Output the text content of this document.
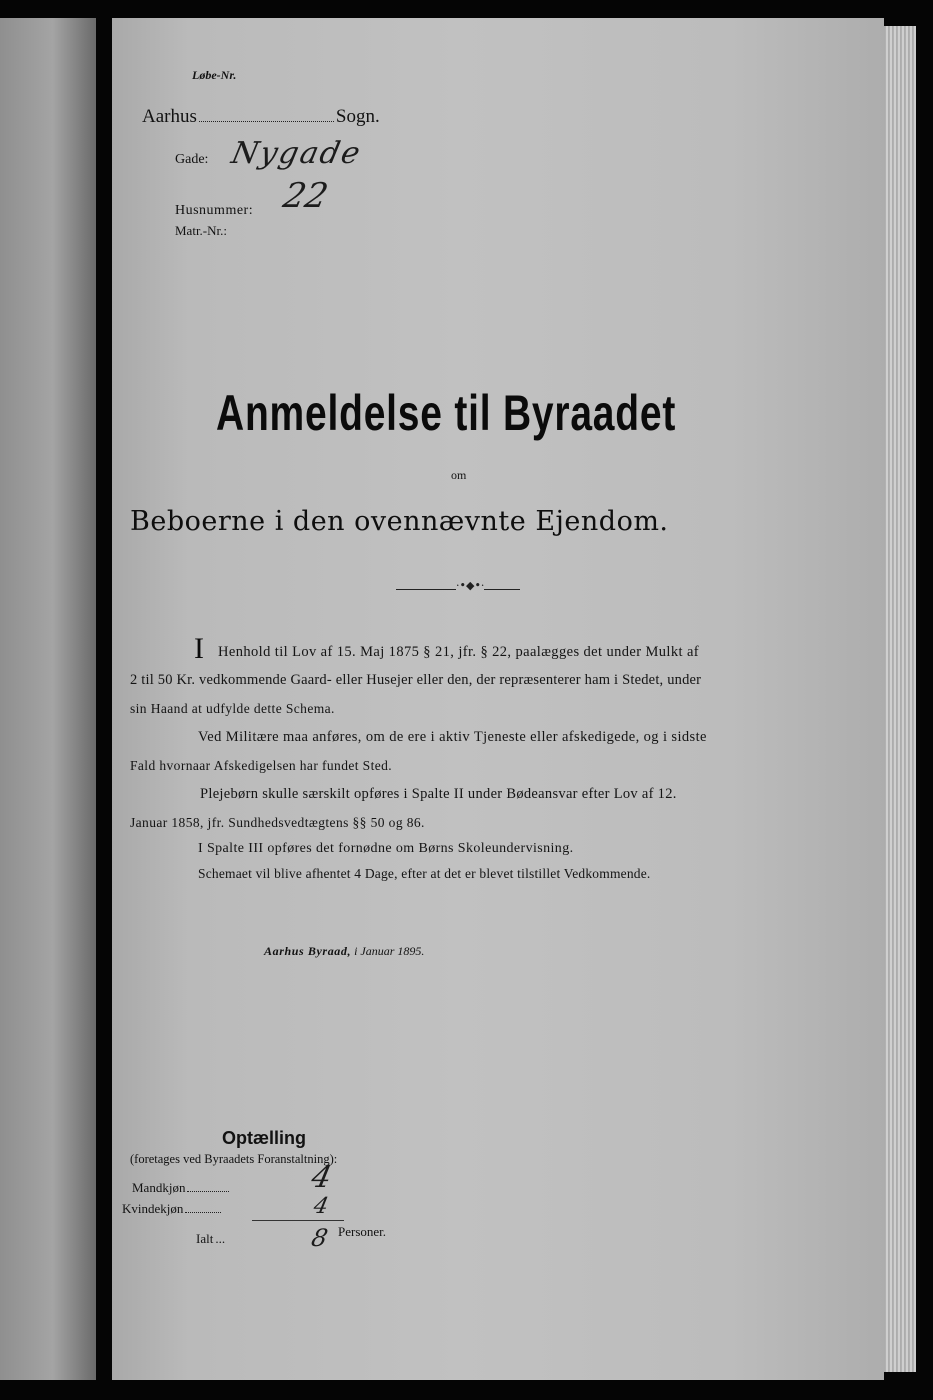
Løbe-Nr.
Aarhus	Sogn.
Gade: Nygade
Husnummer: 22
Matr.-Nr.:
Anmeldelse til Byraadet
om
Beboerne i den ovennævnte Ejendom.
·•◆•·
I Henhold til Lov af 15. Maj 1875 § 21, jfr. § 22, paalægges det under Mulkt af
2 til 50 Kr. vedkommende Gaard- eller Husejer eller den, der repræsenterer ham i Stedet, under
sin Haand at udfylde dette Schema.
Ved Militære maa anføres, om de ere i aktiv Tjeneste eller afskedigede, og i sidste
Fald hvornaar Afskedigelsen har fundet Sted.
Plejebørn skulle særskilt opføres i Spalte II under Bødeansvar efter Lov af 12.
Januar 1858, jfr. Sundhedsvedtægtens §§ 50 og 86.
I Spalte III opføres det fornødne om Børns Skoleundervisning.
Schemaet vil blive afhentet 4 Dage, efter at det er blevet tilstillet Vedkommende.
Aarhus Byraad, i Januar 1895.
Optælling
(foretages ved Byraadets Foranstaltning):
Mandkjøn	4
Kvindekjøn	4
Ialt ...	8 Personer.
